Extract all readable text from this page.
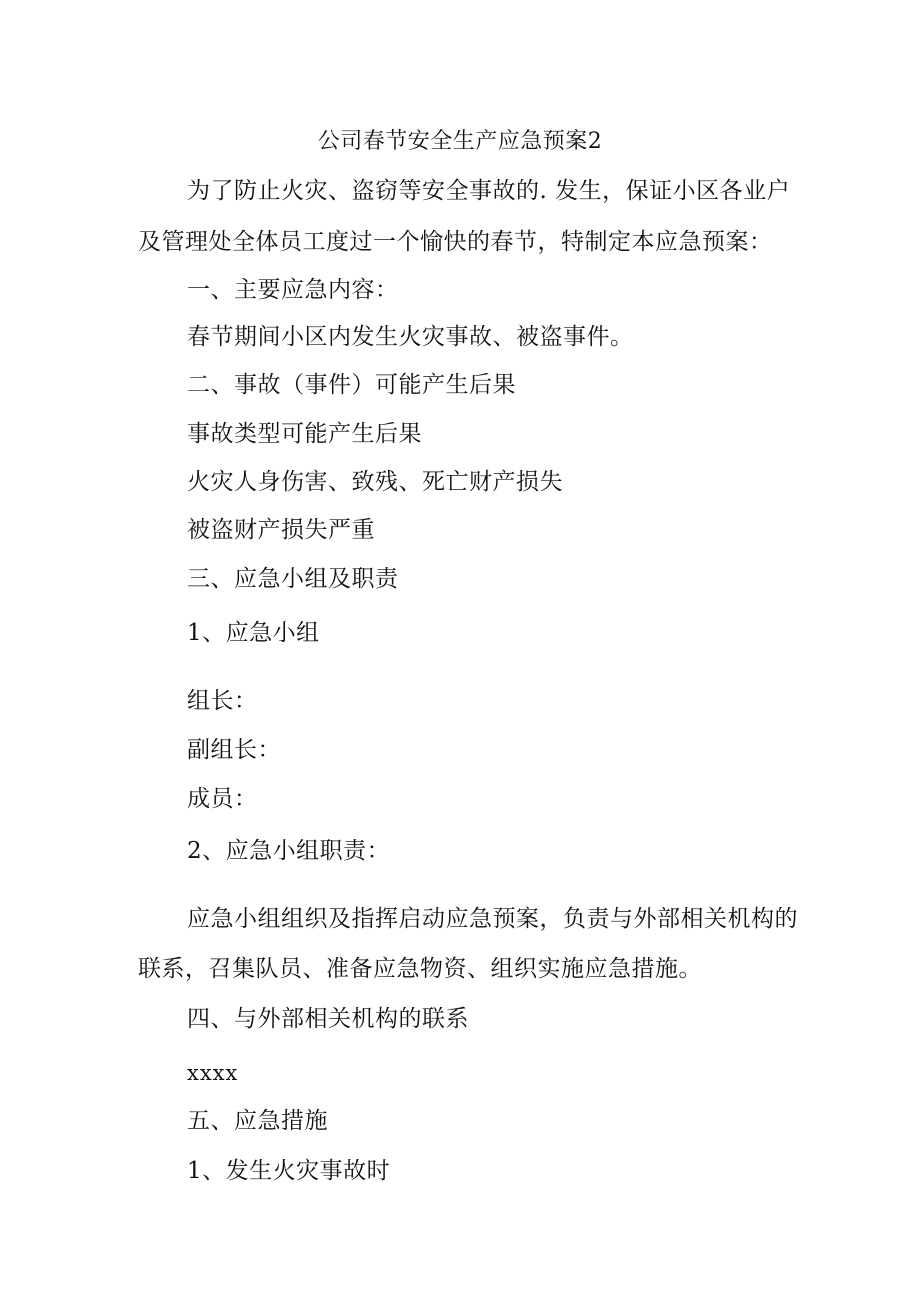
公司春节安全生产应急预案2
为了防止火灾、盗窃等安全事故的. 发生，保证小区各业户
及管理处全体员工度过一个愉快的春节，特制定本应急预案：
一、主要应急内容：
春节期间小区内发生火灾事故、被盗事件。
二、事故（事件）可能产生后果
事故类型可能产生后果
火灾人身伤害、致残、死亡财产损失
被盗财产损失严重
三、应急小组及职责
1、应急小组
组长：
副组长：
成员：
2、应急小组职责：
应急小组组织及指挥启动应急预案，负责与外部相关机构的
联系，召集队员、准备应急物资、组织实施应急措施。
四、与外部相关机构的联系
xxxx
五、应急措施
1、发生火灾事故时
